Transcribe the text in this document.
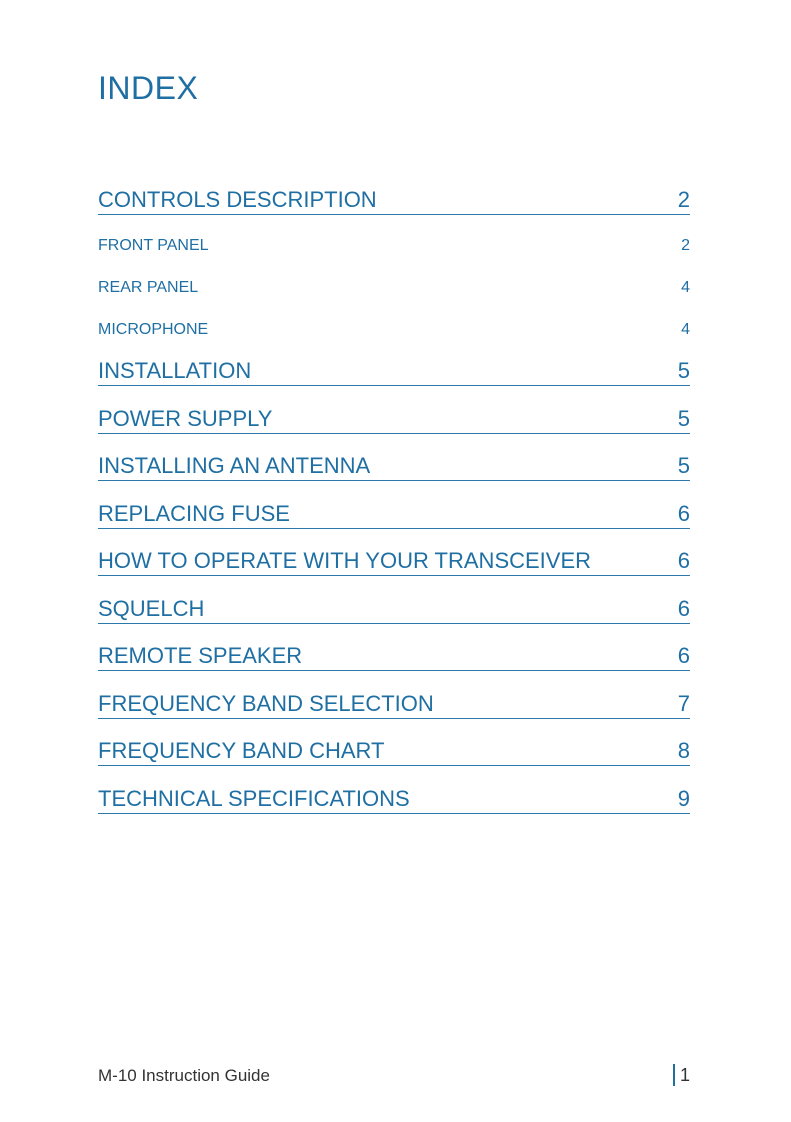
INDEX
CONTROLS DESCRIPTION	2
FRONT PANEL	2
REAR PANEL	4
MICROPHONE	4
INSTALLATION	5
POWER SUPPLY	5
INSTALLING AN ANTENNA	5
REPLACING FUSE	6
HOW TO OPERATE WITH YOUR TRANSCEIVER	6
SQUELCH	6
REMOTE SPEAKER	6
FREQUENCY BAND SELECTION	7
FREQUENCY BAND CHART	8
TECHNICAL SPECIFICATIONS	9
M-10 Instruction Guide	1
